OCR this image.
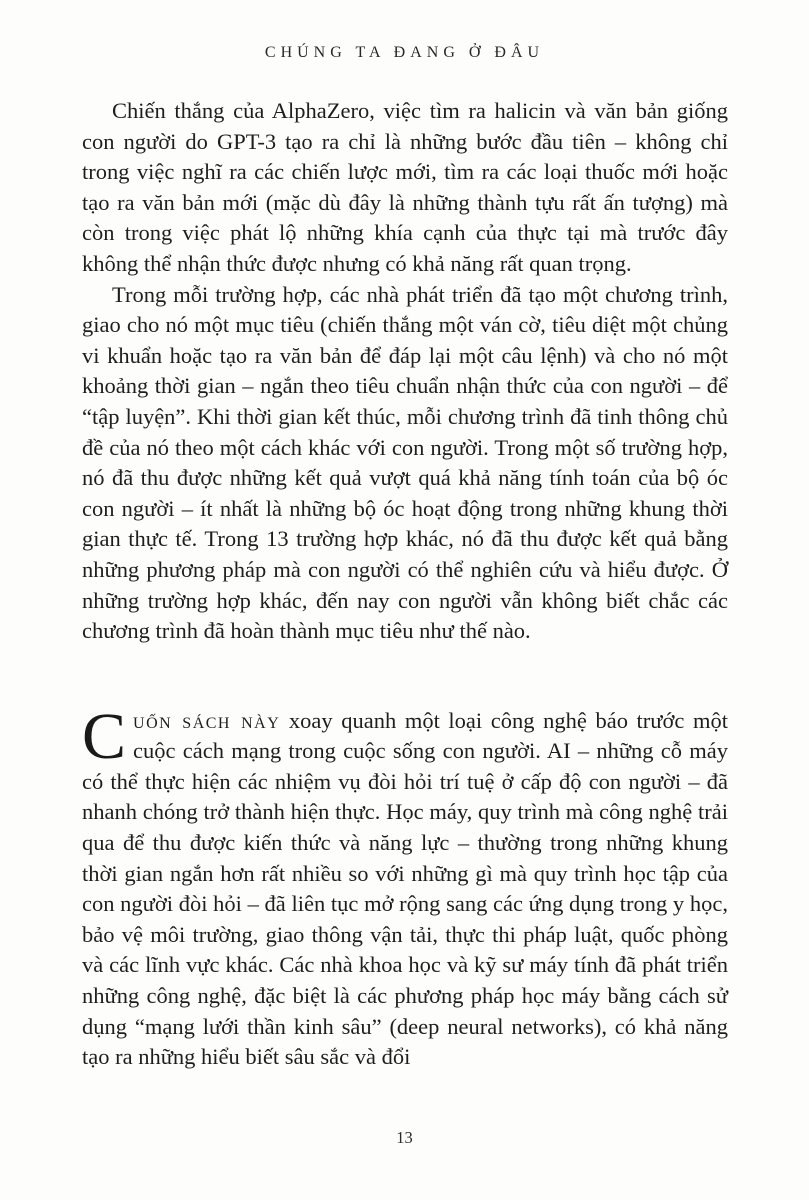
CHÚNG TA ĐANG Ở ĐÂU

Chiến thắng của AlphaZero, việc tìm ra halicin và văn bản giống con người do GPT-3 tạo ra chỉ là những bước đầu tiên – không chỉ trong việc nghĩ ra các chiến lược mới, tìm ra các loại thuốc mới hoặc tạo ra văn bản mới (mặc dù đây là những thành tựu rất ấn tượng) mà còn trong việc phát lộ những khía cạnh của thực tại mà trước đây không thể nhận thức được nhưng có khả năng rất quan trọng.

Trong mỗi trường hợp, các nhà phát triển đã tạo một chương trình, giao cho nó một mục tiêu (chiến thắng một ván cờ, tiêu diệt một chủng vi khuẩn hoặc tạo ra văn bản để đáp lại một câu lệnh) và cho nó một khoảng thời gian – ngắn theo tiêu chuẩn nhận thức của con người – để “tập luyện”. Khi thời gian kết thúc, mỗi chương trình đã tinh thông chủ đề của nó theo một cách khác với con người. Trong một số trường hợp, nó đã thu được những kết quả vượt quá khả năng tính toán của bộ óc con người – ít nhất là những bộ óc hoạt động trong những khung thời gian thực tế. Trong 13 trường hợp khác, nó đã thu được kết quả bằng những phương pháp mà con người có thể nghiên cứu và hiểu được. Ở những trường hợp khác, đến nay con người vẫn không biết chắc các chương trình đã hoàn thành mục tiêu như thế nào.

Cuốn sách này xoay quanh một loại công nghệ báo trước một cuộc cách mạng trong cuộc sống con người. AI – những cỗ máy có thể thực hiện các nhiệm vụ đòi hỏi trí tuệ ở cấp độ con người – đã nhanh chóng trở thành hiện thực. Học máy, quy trình mà công nghệ trải qua để thu được kiến thức và năng lực – thường trong những khung thời gian ngắn hơn rất nhiều so với những gì mà quy trình học tập của con người đòi hỏi – đã liên tục mở rộng sang các ứng dụng trong y học, bảo vệ môi trường, giao thông vận tải, thực thi pháp luật, quốc phòng và các lĩnh vực khác. Các nhà khoa học và kỹ sư máy tính đã phát triển những công nghệ, đặc biệt là các phương pháp học máy bằng cách sử dụng “mạng lưới thần kinh sâu” (deep neural networks), có khả năng tạo ra những hiểu biết sâu sắc và đổi

13
